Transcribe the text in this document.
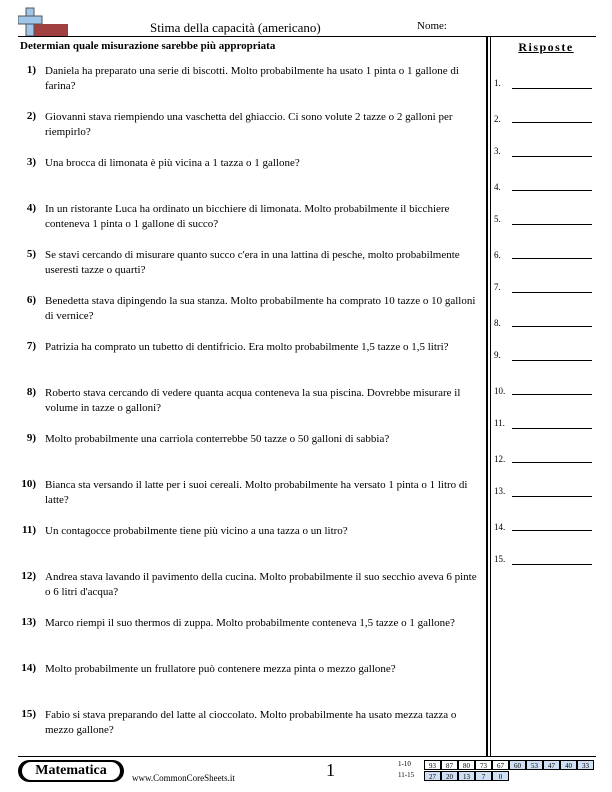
Stima della capacità (americano)	Nome:
Determian quale misurazione sarebbe più appropriata	Risposte
1) Daniela ha preparato una serie di biscotti. Molto probabilmente ha usato 1 pinta o 1 gallone di farina?
2) Giovanni stava riempiendo una vaschetta del ghiaccio. Ci sono volute 2 tazze o 2 galloni per riempirlo?
3) Una brocca di limonata è più vicina a 1 tazza o 1 gallone?
4) In un ristorante Luca ha ordinato un bicchiere di limonata. Molto probabilmente il bicchiere conteneva 1 pinta o 1 gallone di succo?
5) Se stavi cercando di misurare quanto succo c'era in una lattina di pesche, molto probabilmente useresti tazze o quarti?
6) Benedetta stava dipingendo la sua stanza. Molto probabilmente ha comprato 10 tazze o 10 galloni di vernice?
7) Patrizia ha comprato un tubetto di dentifricio. Era molto probabilmente 1,5 tazze o 1,5 litri?
8) Roberto stava cercando di vedere quanta acqua conteneva la sua piscina. Dovrebbe misurare il volume in tazze o galloni?
9) Molto probabilmente una carriola conterrebbe 50 tazze o 50 galloni di sabbia?
10) Bianca sta versando il latte per i suoi cereali. Molto probabilmente ha versato 1 pinta o 1 litro di latte?
11) Un contagocce probabilmente tiene più vicino a una tazza o un litro?
12) Andrea stava lavando il pavimento della cucina. Molto probabilmente il suo secchio aveva 6 pinte o 6 litri d'acqua?
13) Marco riempì il suo thermos di zuppa. Molto probabilmente conteneva 1,5 tazze o 1 gallone?
14) Molto probabilmente un frullatore può contenere mezza pinta o mezzo gallone?
15) Fabio si stava preparando del latte al cioccolato. Molto probabilmente ha usato mezza tazza o mezzo gallone?
1.
2.
3.
4.
5.
6.
7.
8.
9.
10.
11.
12.
13.
14.
15.
Matematica	www.CommonCoreSheets.it	1	1-10	93	87	80	73	67	60	53	47	40	33
11-15	27	20	13	7	0
